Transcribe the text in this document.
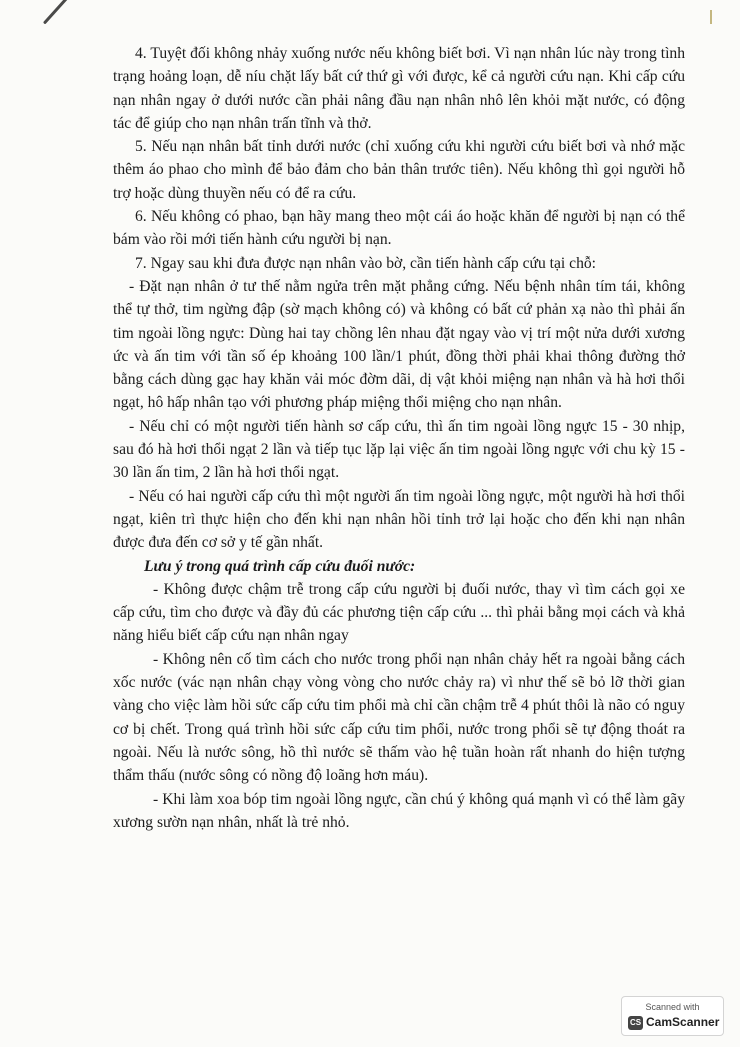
4. Tuyệt đối không nhảy xuống nước nếu không biết bơi. Vì nạn nhân lúc này trong tình trạng hoảng loạn, dễ níu chặt lấy bất cứ thứ gì với được, kể cả người cứu nạn. Khi cấp cứu nạn nhân ngay ở dưới nước cần phải nâng đầu nạn nhân nhô lên khỏi mặt nước, có động tác để giúp cho nạn nhân trấn tĩnh và thở.

5. Nếu nạn nhân bất tỉnh dưới nước (chỉ xuống cứu khi người cứu biết bơi và nhớ mặc thêm áo phao cho mình để bảo đảm cho bản thân trước tiên). Nếu không thì gọi người hỗ trợ hoặc dùng thuyền nếu có để ra cứu.

6. Nếu không có phao, bạn hãy mang theo một cái áo hoặc khăn để người bị nạn có thể bám vào rồi mới tiến hành cứu người bị nạn.

7. Ngay sau khi đưa được nạn nhân vào bờ, cần tiến hành cấp cứu tại chỗ:

- Đặt nạn nhân ở tư thế nằm ngửa trên mặt phẳng cứng. Nếu bệnh nhân tím tái, không thể tự thở, tim ngừng đập (sờ mạch không có) và không có bất cứ phản xạ nào thì phải ấn tim ngoài lồng ngực: Dùng hai tay chồng lên nhau đặt ngay vào vị trí một nửa dưới xương ức và ấn tim với tần số ép khoảng 100 lần/1 phút, đồng thời phải khai thông đường thở bằng cách dùng gạc hay khăn vải móc đờm dãi, dị vật khỏi miệng nạn nhân và hà hơi thổi ngạt, hô hấp nhân tạo với phương pháp miệng thổi miệng cho nạn nhân.

- Nếu chỉ có một người tiến hành sơ cấp cứu, thì ấn tim ngoài lồng ngực 15 - 30 nhịp, sau đó hà hơi thổi ngạt 2 lần và tiếp tục lặp lại việc ấn tim ngoài lồng ngực với chu kỳ 15 - 30 lần ấn tim, 2 lần hà hơi thổi ngạt.

- Nếu có hai người cấp cứu thì một người ấn tim ngoài lồng ngực, một người hà hơi thổi ngạt, kiên trì thực hiện cho đến khi nạn nhân hồi tỉnh trở lại hoặc cho đến khi nạn nhân được đưa đến cơ sở y tế gần nhất.

Lưu ý trong quá trình cấp cứu đuối nước:

- Không được chậm trễ trong cấp cứu người bị đuối nước, thay vì tìm cách gọi xe cấp cứu, tìm cho được và đầy đủ các phương tiện cấp cứu ... thì phải bằng mọi cách và khả năng hiểu biết cấp cứu nạn nhân ngay

- Không nên cố tìm cách cho nước trong phổi nạn nhân chảy hết ra ngoài bằng cách xốc nước (vác nạn nhân chạy vòng vòng cho nước chảy ra) vì như thế sẽ bỏ lỡ thời gian vàng cho việc làm hồi sức cấp cứu tim phổi mà chỉ cần chậm trễ 4 phút thôi là não có nguy cơ bị chết. Trong quá trình hồi sức cấp cứu tim phổi, nước trong phổi sẽ tự động thoát ra ngoài. Nếu là nước sông, hồ thì nước sẽ thấm vào hệ tuần hoàn rất nhanh do hiện tượng thẩm thấu (nước sông có nồng độ loãng hơn máu).

- Khi làm xoa bóp tim ngoài lồng ngực, cần chú ý không quá mạnh vì có thể làm gãy xương sườn nạn nhân, nhất là trẻ nhỏ.

Scanned with
CS CamScanner
